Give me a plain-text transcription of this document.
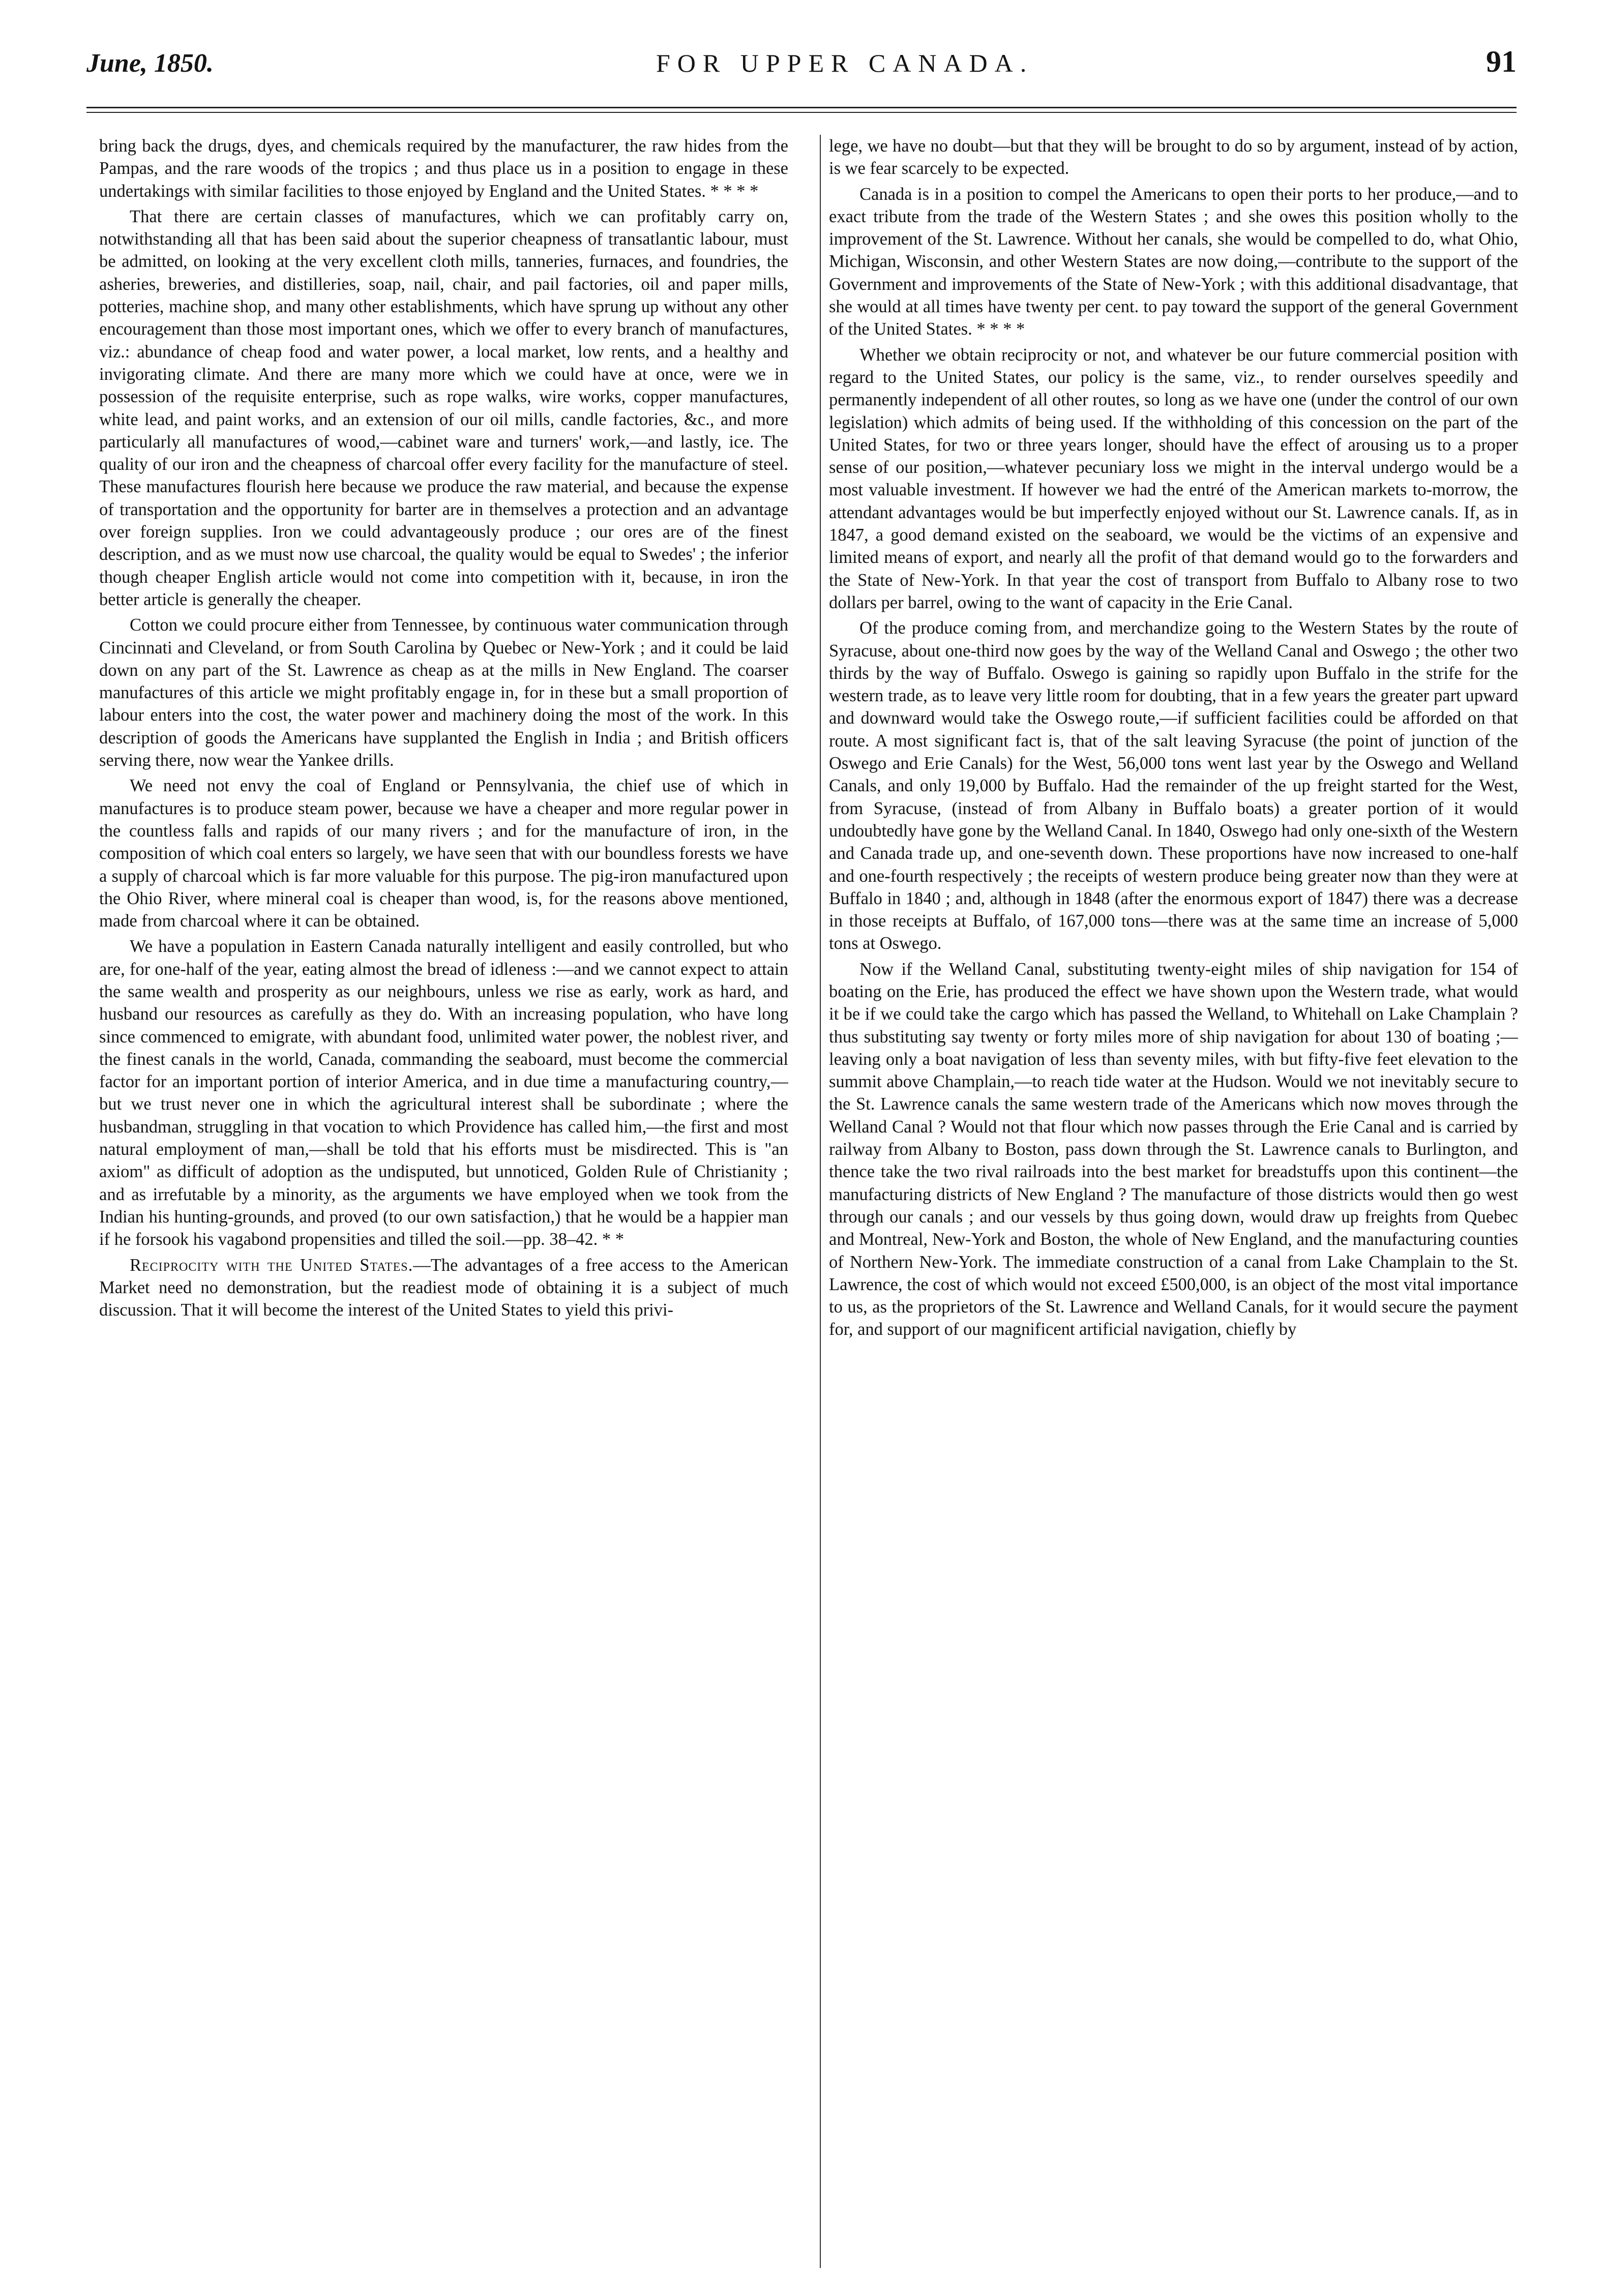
June, 1850.	FOR UPPER CANADA.	91

bring back the drugs, dyes, and chemicals required by the manufacturer, the raw hides from the Pampas, and the rare woods of the tropics ; and thus place us in a position to engage in these undertakings with similar facilities to those enjoyed by England and the United States. * * * *

That there are certain classes of manufactures, which we can profitably carry on, notwithstanding all that has been said about the superior cheapness of transatlantic labour, must be admitted, on looking at the very excellent cloth mills, tanneries, furnaces, and foundries, the asheries, breweries, and distilleries, soap, nail, chair, and pail factories, oil and paper mills, potteries, machine shop, and many other establishments, which have sprung up without any other encouragement than those most important ones, which we offer to every branch of manufactures, viz.: abundance of cheap food and water power, a local market, low rents, and a healthy and invigorating climate. And there are many more which we could have at once, were we in possession of the requisite enterprise, such as rope walks, wire works, copper manufactures, white lead, and paint works, and an extension of our oil mills, candle factories, &c., and more particularly all manufactures of wood,—cabinet ware and turners' work,—and lastly, ice. The quality of our iron and the cheapness of charcoal offer every facility for the manufacture of steel. These manufactures flourish here because we produce the raw material, and because the expense of transportation and the opportunity for barter are in themselves a protection and an advantage over foreign supplies. Iron we could advantageously produce ; our ores are of the finest description, and as we must now use charcoal, the quality would be equal to Swedes' ; the inferior though cheaper English article would not come into competition with it, because, in iron the better article is generally the cheaper.

Cotton we could procure either from Tennessee, by continuous water communication through Cincinnati and Cleveland, or from South Carolina by Quebec or New-York ; and it could be laid down on any part of the St. Lawrence as cheap as at the mills in New England. The coarser manufactures of this article we might profitably engage in, for in these but a small proportion of labour enters into the cost, the water power and machinery doing the most of the work. In this description of goods the Americans have supplanted the English in India ; and British officers serving there, now wear the Yankee drills.

We need not envy the coal of England or Pennsylvania, the chief use of which in manufactures is to produce steam power, because we have a cheaper and more regular power in the countless falls and rapids of our many rivers ; and for the manufacture of iron, in the composition of which coal enters so largely, we have seen that with our boundless forests we have a supply of charcoal which is far more valuable for this purpose. The pig-iron manufactured upon the Ohio River, where mineral coal is cheaper than wood, is, for the reasons above mentioned, made from charcoal where it can be obtained.

We have a population in Eastern Canada naturally intelligent and easily controlled, but who are, for one-half of the year, eating almost the bread of idleness :—and we cannot expect to attain the same wealth and prosperity as our neighbours, unless we rise as early, work as hard, and husband our resources as carefully as they do. With an increasing population, who have long since commenced to emigrate, with abundant food, unlimited water power, the noblest river, and the finest canals in the world, Canada, commanding the seaboard, must become the commercial factor for an important portion of interior America, and in due time a manufacturing country,—but we trust never one in which the agricultural interest shall be subordinate ; where the husbandman, struggling in that vocation to which Providence has called him,—the first and most natural employment of man,—shall be told that his efforts must be misdirected. This is "an axiom" as difficult of adoption as the undisputed, but unnoticed, Golden Rule of Christianity ; and as irrefutable by a minority, as the arguments we have employed when we took from the Indian his hunting-grounds, and proved (to our own satisfaction,) that he would be a happier man if he forsook his vagabond propensities and tilled the soil.—pp. 38–42. * *

Reciprocity with the United States.—The advantages of a free access to the American Market need no demonstration, but the readiest mode of obtaining it is a subject of much discussion. That it will become the interest of the United States to yield this privi-

lege, we have no doubt—but that they will be brought to do so by argument, instead of by action, is we fear scarcely to be expected.

Canada is in a position to compel the Americans to open their ports to her produce,—and to exact tribute from the trade of the Western States ; and she owes this position wholly to the improvement of the St. Lawrence. Without her canals, she would be compelled to do, what Ohio, Michigan, Wisconsin, and other Western States are now doing,—contribute to the support of the Government and improvements of the State of New-York ; with this additional disadvantage, that she would at all times have twenty per cent. to pay toward the support of the general Government of the United States. * * * *

Whether we obtain reciprocity or not, and whatever be our future commercial position with regard to the United States, our policy is the same, viz., to render ourselves speedily and permanently independent of all other routes, so long as we have one (under the control of our own legislation) which admits of being used. If the withholding of this concession on the part of the United States, for two or three years longer, should have the effect of arousing us to a proper sense of our position,—whatever pecuniary loss we might in the interval undergo would be a most valuable investment. If however we had the entré of the American markets to-morrow, the attendant advantages would be but imperfectly enjoyed without our St. Lawrence canals. If, as in 1847, a good demand existed on the seaboard, we would be the victims of an expensive and limited means of export, and nearly all the profit of that demand would go to the forwarders and the State of New-York. In that year the cost of transport from Buffalo to Albany rose to two dollars per barrel, owing to the want of capacity in the Erie Canal.

Of the produce coming from, and merchandize going to the Western States by the route of Syracuse, about one-third now goes by the way of the Welland Canal and Oswego ; the other two thirds by the way of Buffalo. Oswego is gaining so rapidly upon Buffalo in the strife for the western trade, as to leave very little room for doubting, that in a few years the greater part upward and downward would take the Oswego route,—if sufficient facilities could be afforded on that route. A most significant fact is, that of the salt leaving Syracuse (the point of junction of the Oswego and Erie Canals) for the West, 56,000 tons went last year by the Oswego and Welland Canals, and only 19,000 by Buffalo. Had the remainder of the up freight started for the West, from Syracuse, (instead of from Albany in Buffalo boats) a greater portion of it would undoubtedly have gone by the Welland Canal. In 1840, Oswego had only one-sixth of the Western and Canada trade up, and one-seventh down. These proportions have now increased to one-half and one-fourth respectively ; the receipts of western produce being greater now than they were at Buffalo in 1840 ; and, although in 1848 (after the enormous export of 1847) there was a decrease in those receipts at Buffalo, of 167,000 tons—there was at the same time an increase of 5,000 tons at Oswego.

Now if the Welland Canal, substituting twenty-eight miles of ship navigation for 154 of boating on the Erie, has produced the effect we have shown upon the Western trade, what would it be if we could take the cargo which has passed the Welland, to Whitehall on Lake Champlain ? thus substituting say twenty or forty miles more of ship navigation for about 130 of boating ;—leaving only a boat navigation of less than seventy miles, with but fifty-five feet elevation to the summit above Champlain,—to reach tide water at the Hudson. Would we not inevitably secure to the St. Lawrence canals the same western trade of the Americans which now moves through the Welland Canal ? Would not that flour which now passes through the Erie Canal and is carried by railway from Albany to Boston, pass down through the St. Lawrence canals to Burlington, and thence take the two rival railroads into the best market for breadstuffs upon this continent—the manufacturing districts of New England ? The manufacture of those districts would then go west through our canals ; and our vessels by thus going down, would draw up freights from Quebec and Montreal, New-York and Boston, the whole of New England, and the manufacturing counties of Northern New-York. The immediate construction of a canal from Lake Champlain to the St. Lawrence, the cost of which would not exceed £500,000, is an object of the most vital importance to us, as the proprietors of the St. Lawrence and Welland Canals, for it would secure the payment for, and support of our magnificent artificial navigation, chiefly by
